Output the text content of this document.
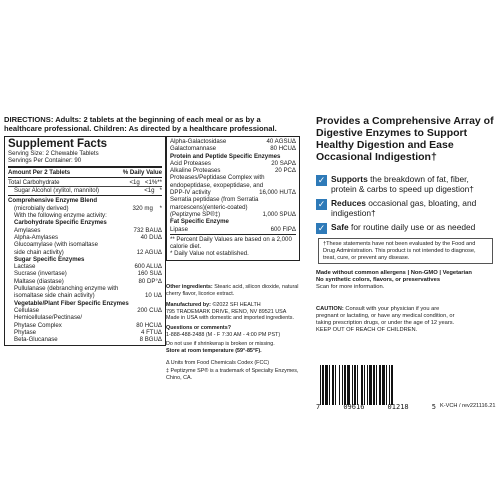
DIRECTIONS: Adults: 2 tablets at the beginning of each meal or as by a healthcare professional. Children: As directed by a healthcare professional.
Supplement Facts
Serving Size: 2 Chewable Tablets
Servings Per Container: 90
Amount Per 2 Tablets	% Daily Value
Total Carbohydrate	<1g <1%**
Sugar Alcohol (xylitol, mannitol)	<1g *
Comprehensive Enzyme Blend
(microbially derived)	320 mg *
With the following enzyme activity:
Carbohydrate Specific Enzymes
Amylases	732 BAUΔ
Alpha-Amylases	40 DUΔ
Glucoamylase (with isomaltase
side chain activity)	12 AGUΔ
Sugar Specific Enzymes
Lactase	600 ALUΔ
Sucrase (invertase)	160 SUΔ
Maltase (diastase)	80 DP°Δ
Pullulanase (debranching enzyme with
isomaltase side chain activity)	10 UΔ
Vegetable/Plant Fiber Specific Enzymes
Cellulase	200 CUΔ
Hemicellulase/Pectinase/
Phytase Complex	80 HCUΔ
Phytase	4 FTUΔ
Beta-Glucanase	8 BGUΔ
Alpha-Galactosidase	40 AGSUΔ
Galactomannase	80 HCUΔ
Protein and Peptide Specific Enzymes
Acid Proteases	20 SAPΔ
Alkaline Proteases	20 PCΔ
Proteases/Peptidase Complex with
endopeptidase, exopeptidase, and
DPP-IV activity	16,000 HUTΔ
Serratia peptidase (from Serratia
marcescens)(enteric-coated)
(Peptizyme SP®‡)	1,000 SPUΔ
Fat Specific Enzyme
Lipase	600 FIPΔ
** Percent Daily Values are based on a 2,000 calorie diet.
* Daily Value not established.
Other ingredients: Stearic acid, silicon dioxide, natural cherry flavor, licorice extract.
Manufactured by: ©2022 SFI HEALTH
795 TRADEMARK DRIVE, RENO, NV 89521 USA
Made in USA with domestic and imported ingredients.
Questions or comments?
1-888-488-2488 (M - F 7:30 AM - 4:00 PM PST)
Do not use if shrinkwrap is broken or missing.
Store at room temperature (59°-85°F).
Δ Units from Food Chemicals Codex (FCC)
‡ Peptizyme SP® is a trademark of Specialty Enzymes, Chino, CA.
Provides a Comprehensive Array of Digestive Enzymes to Support Healthy Digestion and Ease Occasional Indigestion†
✓ Supports the breakdown of fat, fiber, protein & carbs to speed up digestion†
✓ Reduces occasional gas, bloating, and indigestion†
✓ Safe for routine daily use or as needed
†These statements have not been evaluated by the Food and Drug Administration. This product is not intended to diagnose, treat, cure, or prevent any disease.
Made without common allergens | Non-GMO | Vegetarian
No synthetic colors, flavors, or preservatives
Scan for more information.
CAUTION: Consult with your physician if you are pregnant or lactating, or have any medical condition, or taking prescription drugs, or under the age of 12 years. KEEP OUT OF REACH OF CHILDREN.
7	09616	01218	5 K-VCH / rev221116.21
